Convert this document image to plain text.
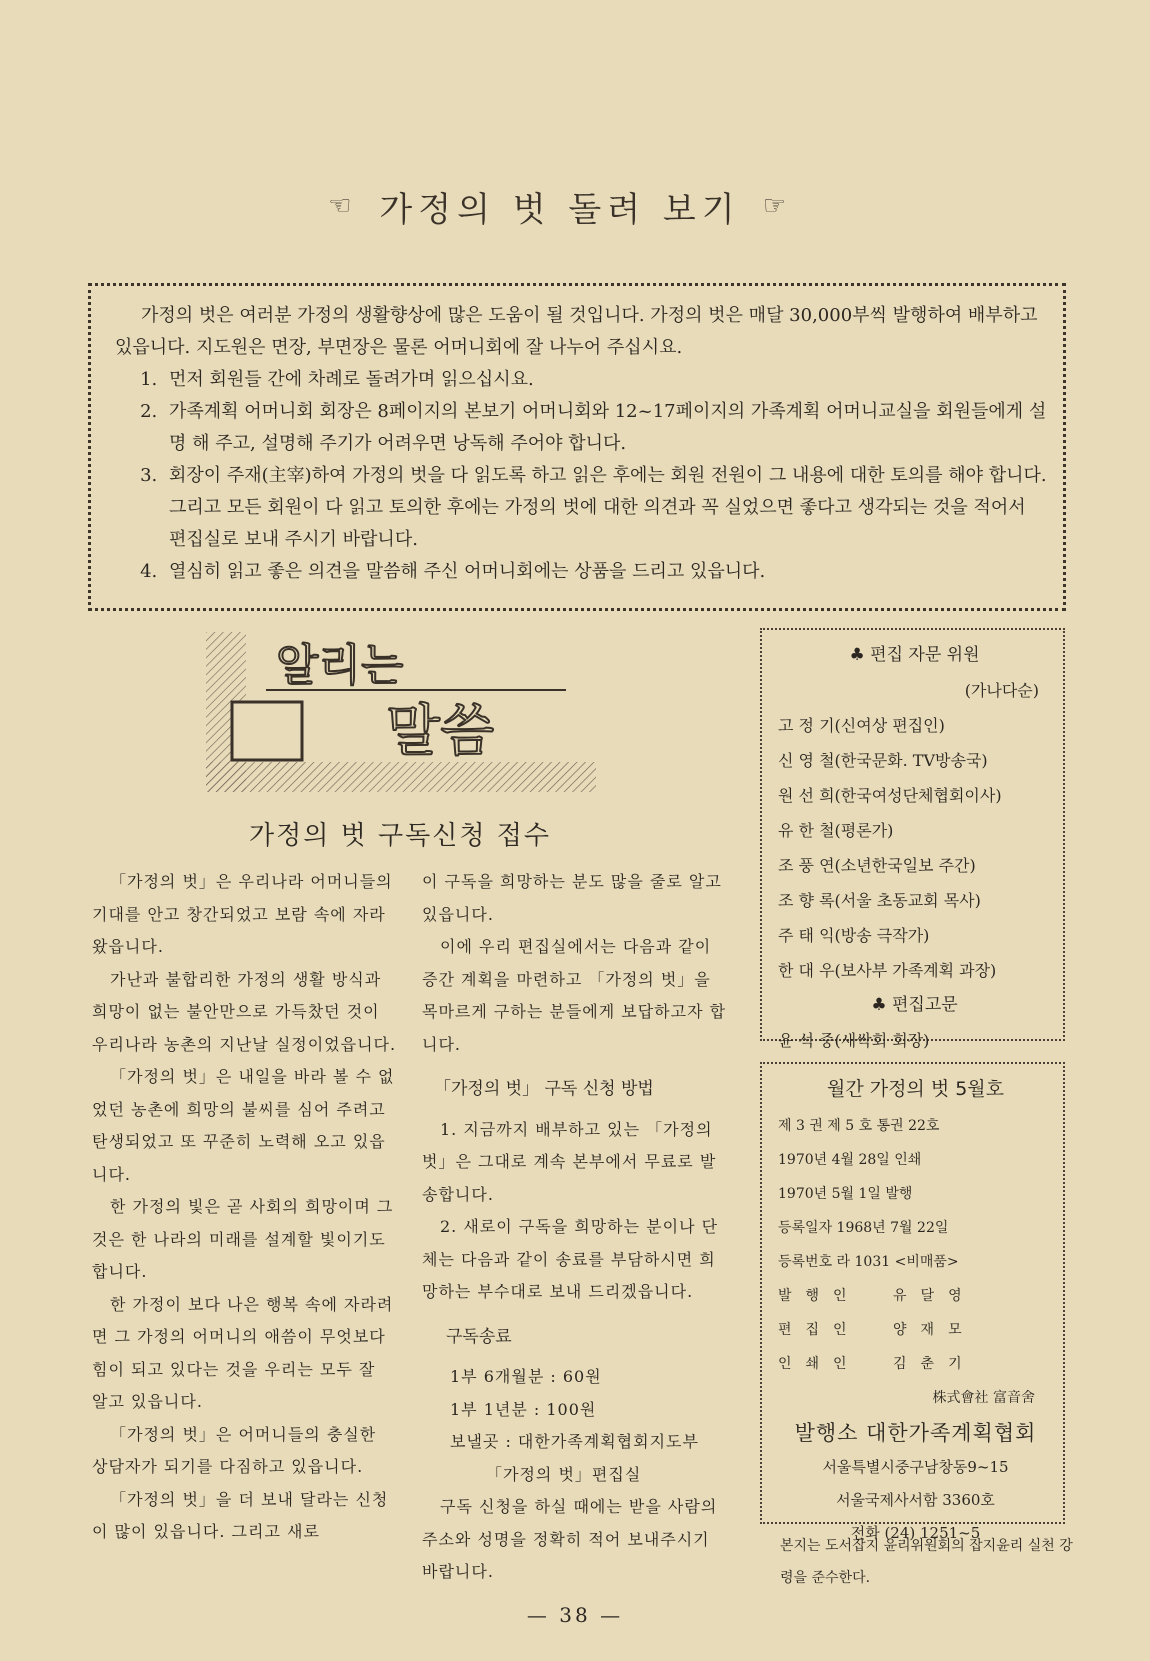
☜ 가정의 벗 돌려 보기 ☞

가정의 벗은 여러분 가정의 생활향상에 많은 도움이 될 것입니다. 가정의 벗은 매달 30,000부씩 발행하여 배부하고 있읍니다. 지도원은 면장, 부면장은 물론 어머니회에 잘 나누어 주십시요.

1. 먼저 회원들 간에 차례로 돌려가며 읽으십시요.
2. 가족계획 어머니회 회장은 8페이지의 본보기 어머니회와 12~17페이지의 가족계획 어머니교실을 회원들에게 설명 해 주고, 설명해 주기가 어려우면 낭독해 주어야 합니다.
3. 회장이 주재(主宰)하여 가정의 벗을 다 읽도록 하고 읽은 후에는 회원 전원이 그 내용에 대한 토의를 해야 합니다. 그리고 모든 회원이 다 읽고 토의한 후에는 가정의 벗에 대한 의견과 꼭 실었으면 좋다고 생각되는 것을 적어서 편집실로 보내 주시기 바랍니다.
4. 열심히 읽고 좋은 의견을 말씀해 주신 어머니회에는 상품을 드리고 있읍니다.
알리는
말씀
가정의 벗 구독신청 접수

「가정의 벗」은 우리나라 어머니들의 기대를 안고 창간되었고 보람 속에 자라 왔읍니다.

가난과 불합리한 가정의 생활 방식과 희망이 없는 불안만으로 가득찼던 것이 우리나라 농촌의 지난날 실정이었읍니다.

「가정의 벗」은 내일을 바라 볼 수 없었던 농촌에 희망의 불씨를 심어 주려고 탄생되었고 또 꾸준히 노력해 오고 있읍니다.

한 가정의 빛은 곧 사회의 희망이며 그것은 한 나라의 미래를 설계할 빛이기도 합니다.

한 가정이 보다 나은 행복 속에 자라려면 그 가정의 어머니의 애씀이 무엇보다 힘이 되고 있다는 것을 우리는 모두 잘 알고 있읍니다.

「가정의 벗」은 어머니들의 충실한 상담자가 되기를 다짐하고 있읍니다.

「가정의 벗」을 더 보내 달라는 신청이 많이 있읍니다. 그리고 새로

이 구독을 희망하는 분도 많을 줄로 알고 있읍니다.

이에 우리 편집실에서는 다음과 같이 증간 계획을 마련하고 「가정의 벗」을 목마르게 구하는 분들에게 보답하고자 합니다.

「가정의 벗」 구독 신청 방법

1. 지금까지 배부하고 있는 「가정의 벗」은 그대로 계속 본부에서 무료로 발송합니다.

2. 새로이 구독을 희망하는 분이나 단체는 다음과 같이 송료를 부담하시면 희망하는 부수대로 보내 드리겠읍니다.

구독송료

1부 6개월분 : 60원

1부 1년분 : 100원

보낼곳 : 대한가족계획협회지도부

「가정의 벗」편집실

구독 신청을 하실 때에는 받을 사람의 주소와 성명을 정확히 적어 보내주시기 바랍니다.

♣ 편집 자문 위원
(가나다순)
고 정 기(신여상 편집인)
신 영 철(한국문화. TV방송국)
원 선 희(한국여성단체협회이사)
유 한 철(평론가)
조 풍 연(소년한국일보 주간)
조 향 록(서울 초동교회 목사)
주 태 익(방송 극작가)
한 대 우(보사부 가족계획 과장)
♣ 편집고문
윤 석 중(새싹회 회장)
월간 가정의 벗 5월호
제 3 권 제 5 호 통권 22호
1970년 4월 28일 인쇄
1970년 5월 1일 발행
등록일자 1968년 7월 22일
등록번호 라 1031 <비매품>
발행인 유달영
편집인 양재모
인쇄인 김춘기
株式會社 富音舍
발행소 대한가족계획협회
서울특별시중구남창동9~15
서울국제사서함 3360호
전화 (24) 1251~5
본지는 도서잡지 윤리위원회의 잡지윤리 실천 강령을 준수한다.
— 38 —
